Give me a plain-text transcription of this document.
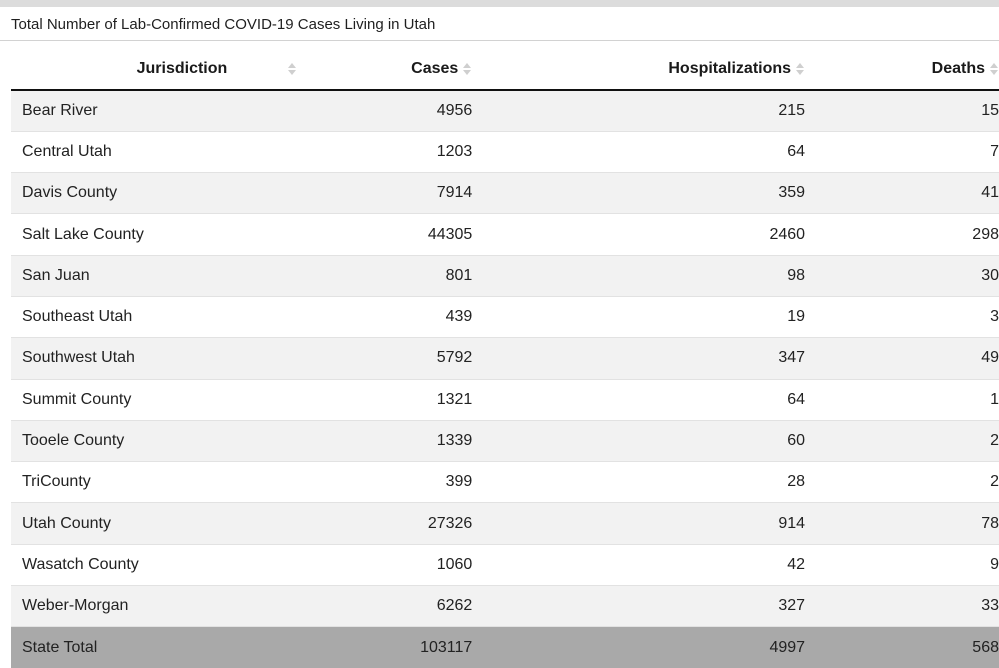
Total Number of Lab-Confirmed COVID-19 Cases Living in Utah
Jurisdiction	Cases	Hospitalizations	Deaths

Bear River	4956	215	15
Central Utah	1203	64	7
Davis County	7914	359	41
Salt Lake County	44305	2460	298
San Juan	801	98	30
Southeast Utah	439	19	3
Southwest Utah	5792	347	49
Summit County	1321	64	1
Tooele County	1339	60	2
TriCounty	399	28	2
Utah County	27326	914	78
Wasatch County	1060	42	9
Weber-Morgan	6262	327	33
State Total	103117	4997	568
